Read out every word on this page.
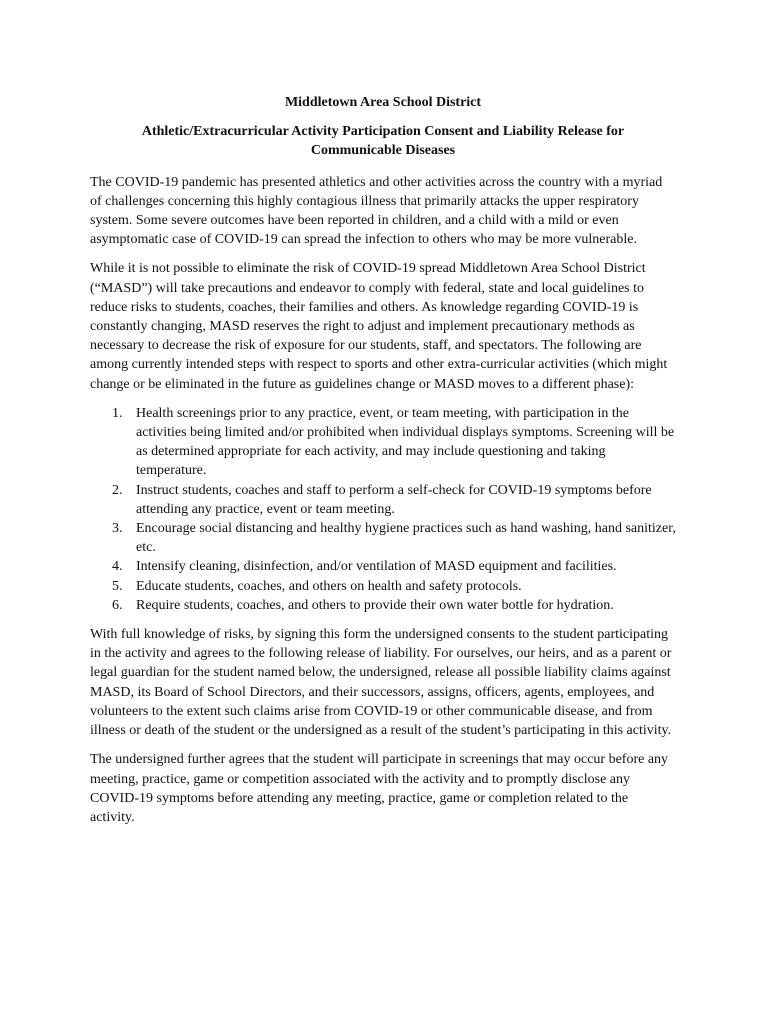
Middletown Area School District
Athletic/Extracurricular Activity Participation Consent and Liability Release for Communicable Diseases

The COVID-19 pandemic has presented athletics and other activities across the country with a myriad of challenges concerning this highly contagious illness that primarily attacks the upper respiratory system. Some severe outcomes have been reported in children, and a child with a mild or even asymptomatic case of COVID-19 can spread the infection to others who may be more vulnerable.

While it is not possible to eliminate the risk of COVID-19 spread Middletown Area School District (“MASD”) will take precautions and endeavor to comply with federal, state and local guidelines to reduce risks to students, coaches, their families and others. As knowledge regarding COVID-19 is constantly changing, MASD reserves the right to adjust and implement precautionary methods as necessary to decrease the risk of exposure for our students, staff, and spectators. The following are among currently intended steps with respect to sports and other extra-curricular activities (which might change or be eliminated in the future as guidelines change or MASD moves to a different phase):

1. Health screenings prior to any practice, event, or team meeting, with participation in the activities being limited and/or prohibited when individual displays symptoms. Screening will be as determined appropriate for each activity, and may include questioning and taking temperature.
2. Instruct students, coaches and staff to perform a self-check for COVID-19 symptoms before attending any practice, event or team meeting.
3. Encourage social distancing and healthy hygiene practices such as hand washing, hand sanitizer, etc.
4. Intensify cleaning, disinfection, and/or ventilation of MASD equipment and facilities.
5. Educate students, coaches, and others on health and safety protocols.
6. Require students, coaches, and others to provide their own water bottle for hydration.

With full knowledge of risks, by signing this form the undersigned consents to the student participating in the activity and agrees to the following release of liability. For ourselves, our heirs, and as a parent or legal guardian for the student named below, the undersigned, release all possible liability claims against MASD, its Board of School Directors, and their successors, assigns, officers, agents, employees, and volunteers to the extent such claims arise from COVID-19 or other communicable disease, and from illness or death of the student or the undersigned as a result of the student’s participating in this activity.

The undersigned further agrees that the student will participate in screenings that may occur before any meeting, practice, game or competition associated with the activity and to promptly disclose any COVID-19 symptoms before attending any meeting, practice, game or completion related to the activity.
